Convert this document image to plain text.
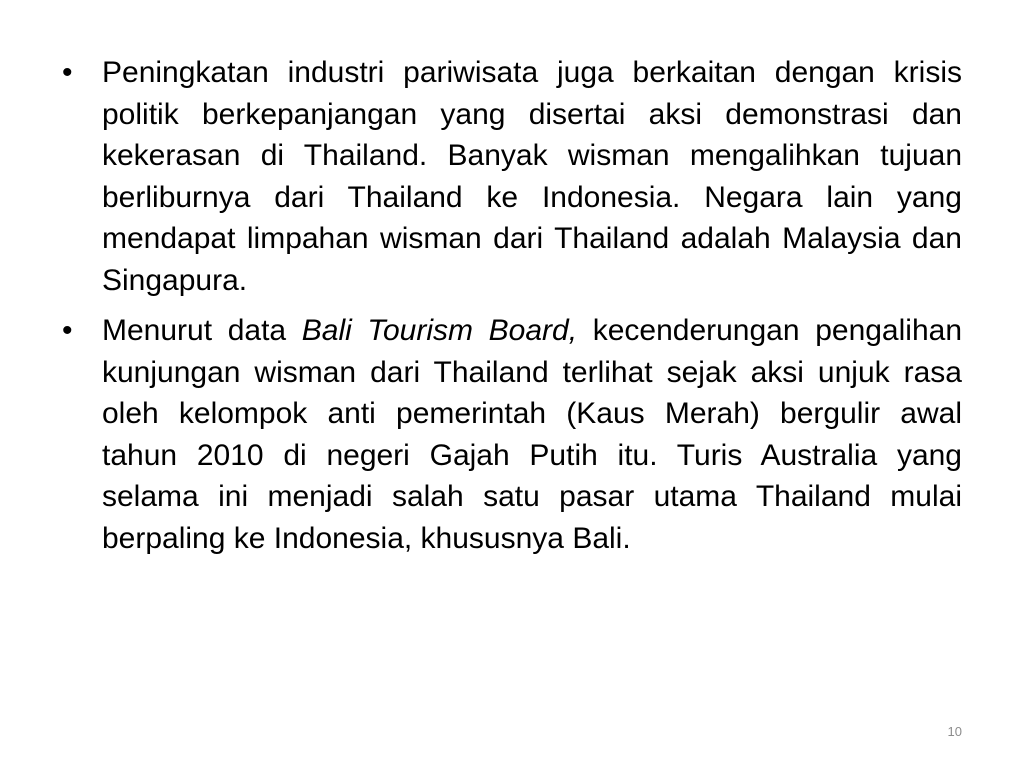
• Peningkatan industri pariwisata juga berkaitan dengan krisis politik berkepanjangan yang disertai aksi demonstrasi dan kekerasan di Thailand. Banyak wisman mengalihkan tujuan berliburnya dari Thailand ke Indonesia. Negara lain yang mendapat limpahan wisman dari Thailand adalah Malaysia dan Singapura.
• Menurut data Bali Tourism Board, kecenderungan pengalihan kunjungan wisman dari Thailand terlihat sejak aksi unjuk rasa oleh kelompok anti pemerintah (Kaus Merah) bergulir awal tahun 2010 di negeri Gajah Putih itu. Turis Australia yang selama ini menjadi salah satu pasar utama Thailand mulai berpaling ke Indonesia, khususnya Bali.
10
